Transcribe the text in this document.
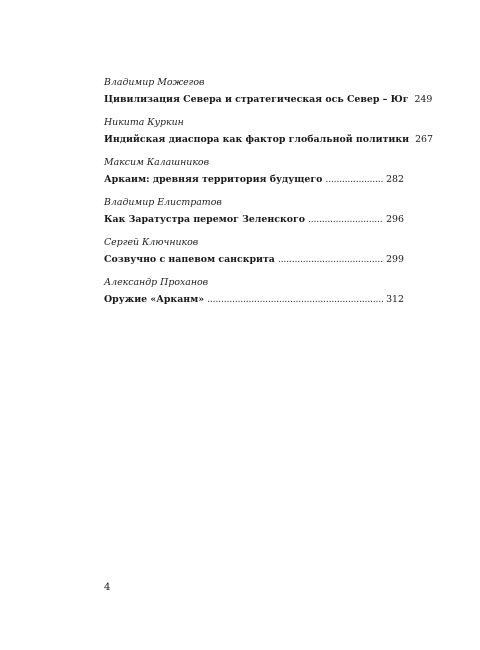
Владимир Можегов
Цивилизация Севера и стратегическая ось Север – Юг 249
Никита Куркин
Индийская диаспора как фактор глобальной политики 267
Максим Калашников
Аркаим: древняя территория будущего . . .	282
Владимир Елистратов
Как Заратустра перемог Зеленского . . .	296
Сергей Ключников
Созвучно с напевом санскрита . . .	299
Александр Проханов
Оружие «Арканм» . . .	312
4
